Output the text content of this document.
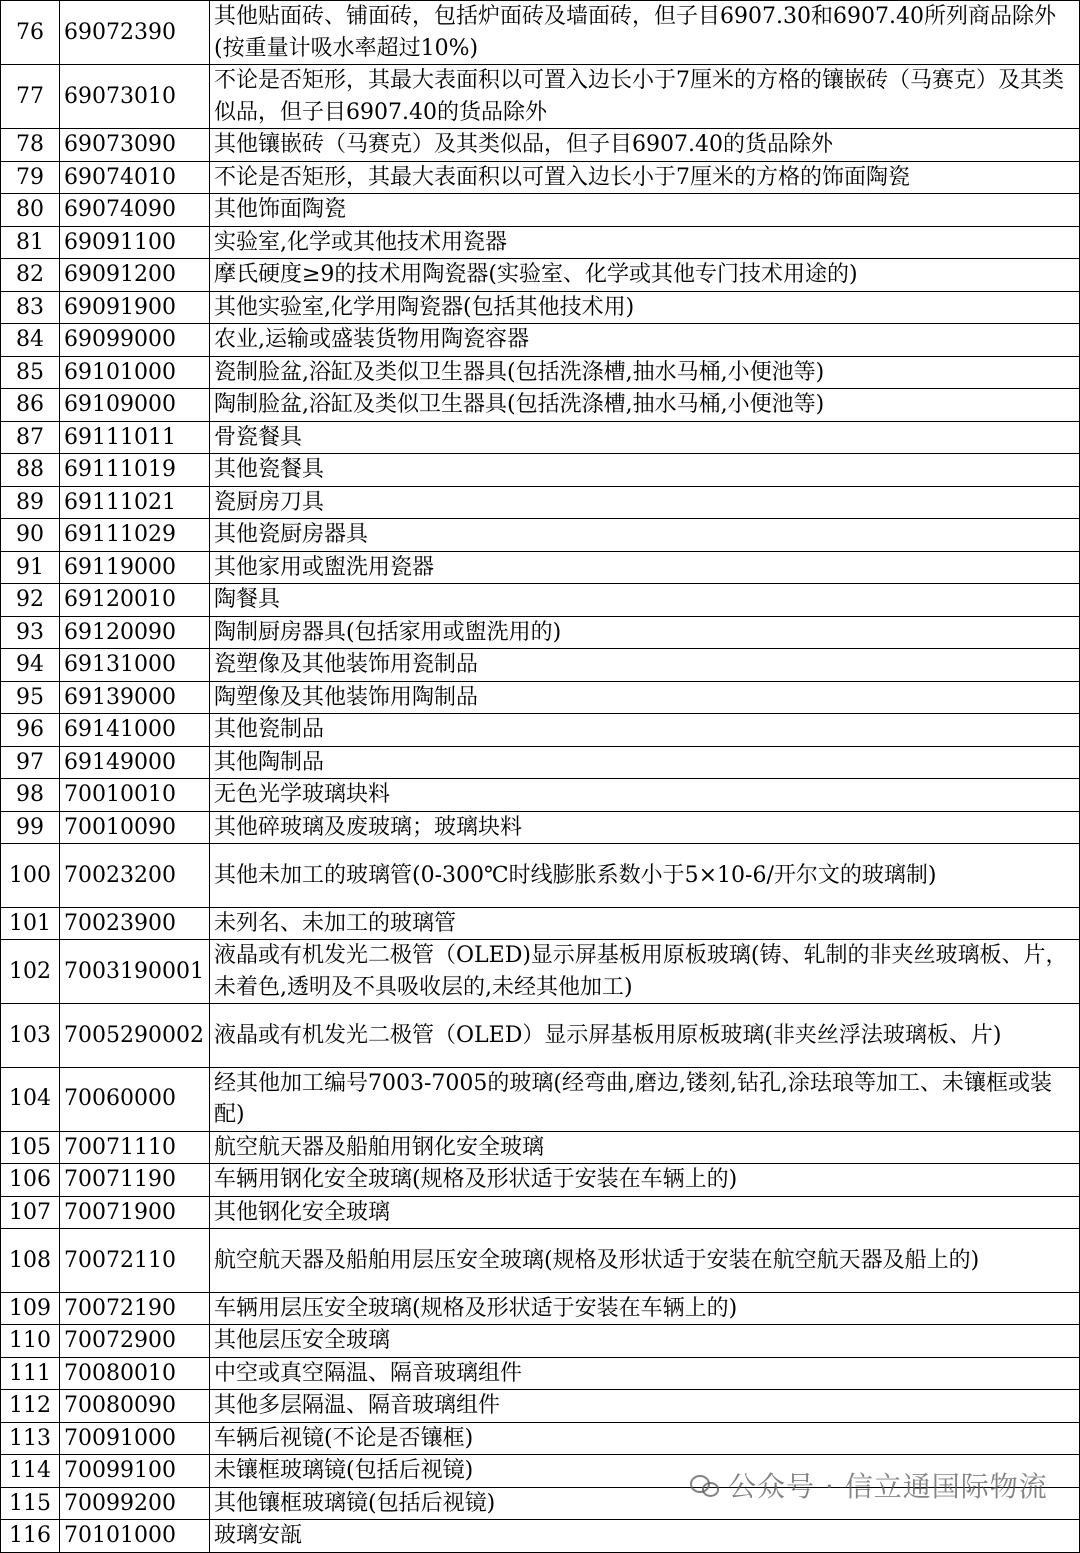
76	69072390	其他贴面砖、铺面砖，包括炉面砖及墙面砖，但子目6907.30和6907.40所列商品除外(按重量计吸水率超过10%)
77	69073010	不论是否矩形，其最大表面积以可置入边长小于7厘米的方格的镶嵌砖（马赛克）及其类似品，但子目6907.40的货品除外
78	69073090	其他镶嵌砖（马赛克）及其类似品，但子目6907.40的货品除外
79	69074010	不论是否矩形，其最大表面积以可置入边长小于7厘米的方格的饰面陶瓷
80	69074090	其他饰面陶瓷
81	69091100	实验室,化学或其他技术用瓷器
82	69091200	摩氏硬度≥9的技术用陶瓷器(实验室、化学或其他专门技术用途的)
83	69091900	其他实验室,化学用陶瓷器(包括其他技术用)
84	69099000	农业,运输或盛装货物用陶瓷容器
85	69101000	瓷制脸盆,浴缸及类似卫生器具(包括洗涤槽,抽水马桶,小便池等)
86	69109000	陶制脸盆,浴缸及类似卫生器具(包括洗涤槽,抽水马桶,小便池等)
87	69111011	骨瓷餐具
88	69111019	其他瓷餐具
89	69111021	瓷厨房刀具
90	69111029	其他瓷厨房器具
91	69119000	其他家用或盥洗用瓷器
92	69120010	陶餐具
93	69120090	陶制厨房器具(包括家用或盥洗用的)
94	69131000	瓷塑像及其他装饰用瓷制品
95	69139000	陶塑像及其他装饰用陶制品
96	69141000	其他瓷制品
97	69149000	其他陶制品
98	70010010	无色光学玻璃块料
99	70010090	其他碎玻璃及废玻璃；玻璃块料
100	70023200	其他未加工的玻璃管(0-300℃时线膨胀系数小于5×10-6/开尔文的玻璃制)
101	70023900	未列名、未加工的玻璃管
102	7003190001	液晶或有机发光二极管（OLED)显示屏基板用原板玻璃(铸、轧制的非夹丝玻璃板、片，未着色,透明及不具吸收层的,未经其他加工)
103	7005290002	液晶或有机发光二极管（OLED）显示屏基板用原板玻璃(非夹丝浮法玻璃板、片)
104	70060000	经其他加工编号7003-7005的玻璃(经弯曲,磨边,镂刻,钻孔,涂珐琅等加工、未镶框或装配)
105	70071110	航空航天器及船舶用钢化安全玻璃
106	70071190	车辆用钢化安全玻璃(规格及形状适于安装在车辆上的)
107	70071900	其他钢化安全玻璃
108	70072110	航空航天器及船舶用层压安全玻璃(规格及形状适于安装在航空航天器及船上的)
109	70072190	车辆用层压安全玻璃(规格及形状适于安装在车辆上的)
110	70072900	其他层压安全玻璃
111	70080010	中空或真空隔温、隔音玻璃组件
112	70080090	其他多层隔温、隔音玻璃组件
113	70091000	车辆后视镜(不论是否镶框)
114	70099100	未镶框玻璃镜(包括后视镜)
115	70099200	其他镶框玻璃镜(包括后视镜)
116	70101000	玻璃安瓿
公众号 · 信立通国际物流
